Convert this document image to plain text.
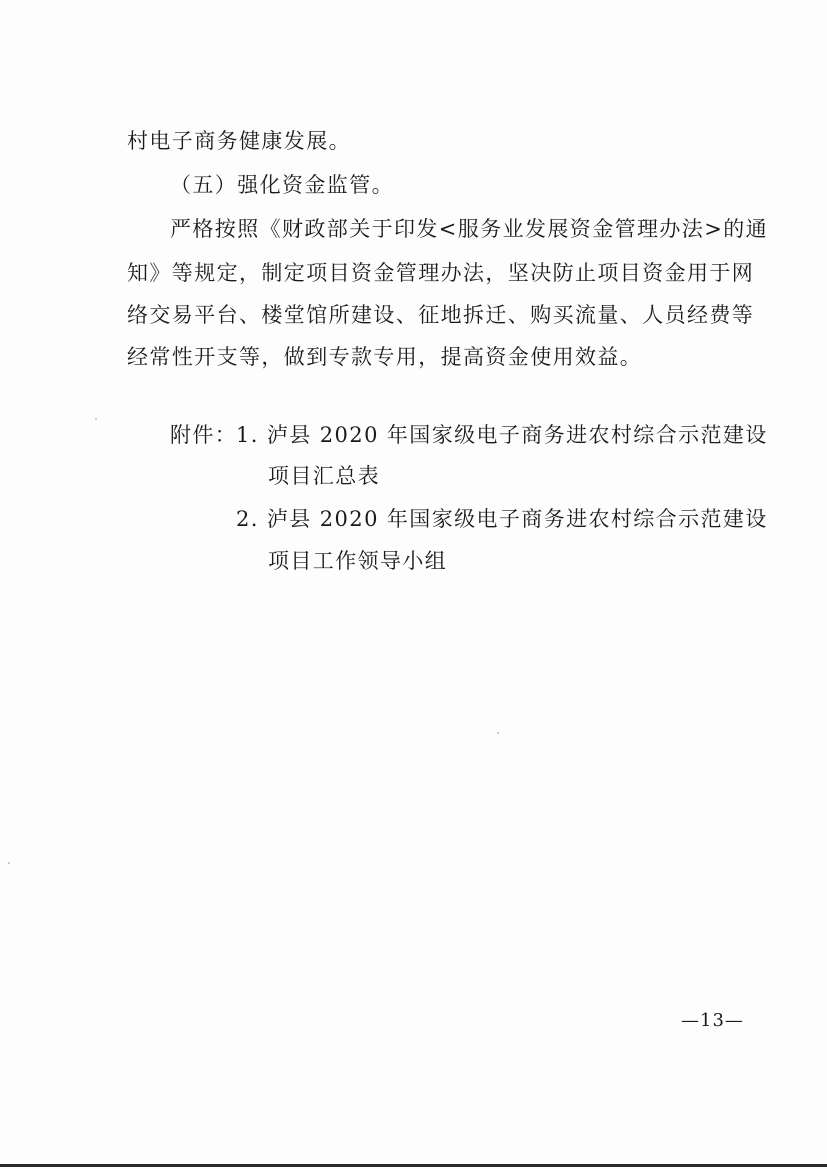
村电子商务健康发展。
（五）强化资金监管。
严格按照《财政部关于印发<服务业发展资金管理办法>的通
知》等规定，制定项目资金管理办法，坚决防止项目资金用于网
络交易平台、楼堂馆所建设、征地拆迁、购买流量、人员经费等
经常性开支等，做到专款专用，提高资金使用效益。
附件：
1. 泸县 2020 年国家级电子商务进农村综合示范建设
项目汇总表
2. 泸县 2020 年国家级电子商务进农村综合示范建设
项目工作领导小组
—13—
